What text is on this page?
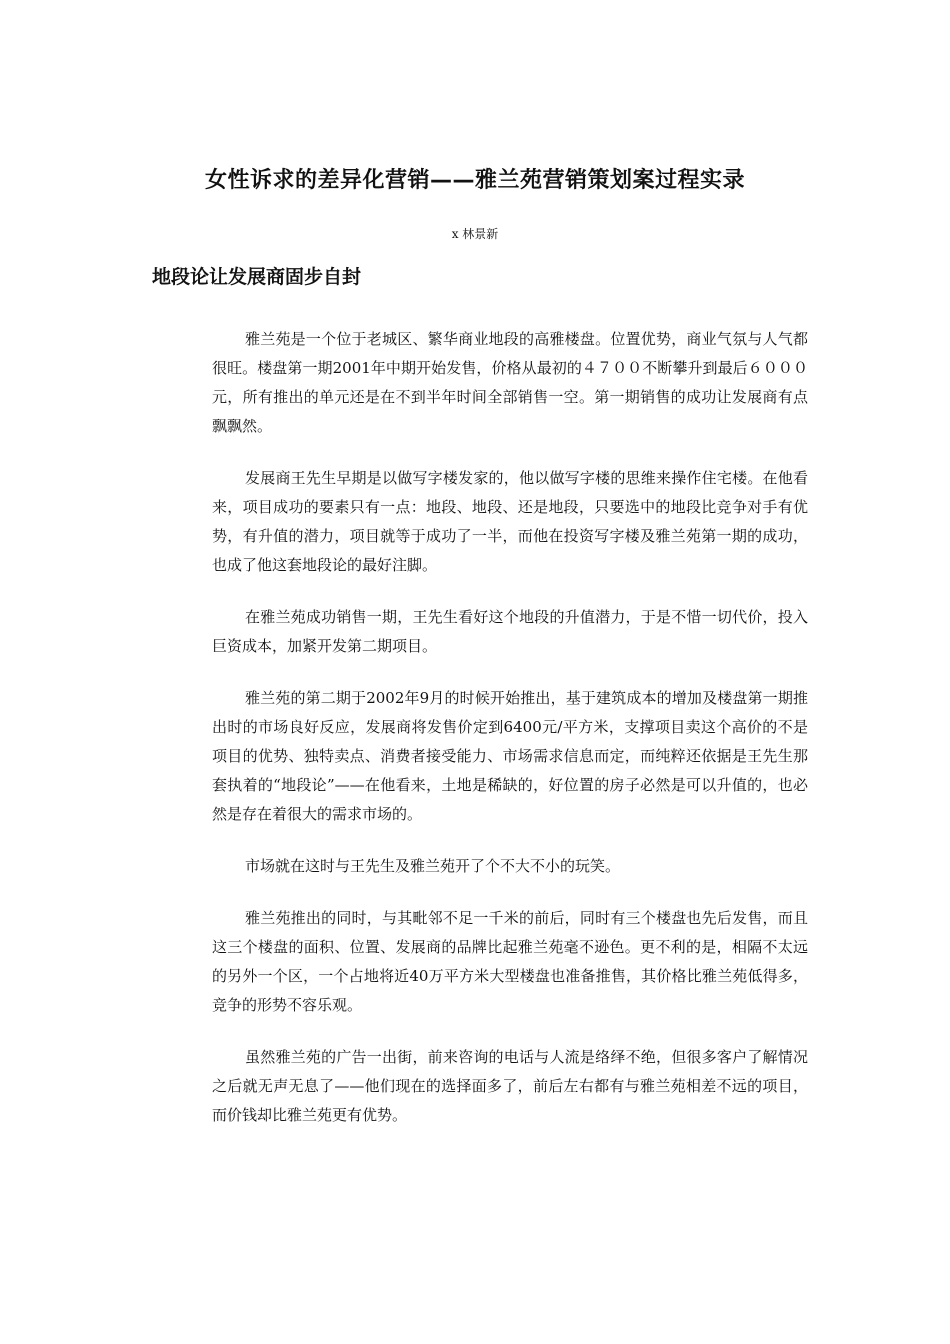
女性诉求的差异化营销——雅兰苑营销策划案过程实录

x 林景新

地段论让发展商固步自封

雅兰苑是一个位于老城区、繁华商业地段的高雅楼盘。位置优势，商业气氛与人气都很旺。楼盘第一期2001年中期开始发售，价格从最初的４７００不断攀升到最后６０００元，所有推出的单元还是在不到半年时间全部销售一空。第一期销售的成功让发展商有点飘飘然。

发展商王先生早期是以做写字楼发家的，他以做写字楼的思维来操作住宅楼。在他看来，项目成功的要素只有一点：地段、地段、还是地段，只要选中的地段比竞争对手有优势，有升值的潜力，项目就等于成功了一半，而他在投资写字楼及雅兰苑第一期的成功，也成了他这套地段论的最好注脚。

在雅兰苑成功销售一期，王先生看好这个地段的升值潜力，于是不惜一切代价，投入巨资成本，加紧开发第二期项目。

雅兰苑的第二期于2002年9月的时候开始推出，基于建筑成本的增加及楼盘第一期推出时的市场良好反应，发展商将发售价定到6400元/平方米，支撑项目卖这个高价的不是项目的优势、独特卖点、消费者接受能力、市场需求信息而定，而纯粹还依据是王先生那套执着的“地段论”——在他看来，土地是稀缺的，好位置的房子必然是可以升值的，也必然是存在着很大的需求市场的。

市场就在这时与王先生及雅兰苑开了个不大不小的玩笑。

雅兰苑推出的同时，与其毗邻不足一千米的前后，同时有三个楼盘也先后发售，而且这三个楼盘的面积、位置、发展商的品牌比起雅兰苑毫不逊色。更不利的是，相隔不太远的另外一个区，一个占地将近40万平方米大型楼盘也准备推售，其价格比雅兰苑低得多，竞争的形势不容乐观。

虽然雅兰苑的广告一出街，前来咨询的电话与人流是络绎不绝，但很多客户了解情况之后就无声无息了——他们现在的选择面多了，前后左右都有与雅兰苑相差不远的项目，而价钱却比雅兰苑更有优势。
